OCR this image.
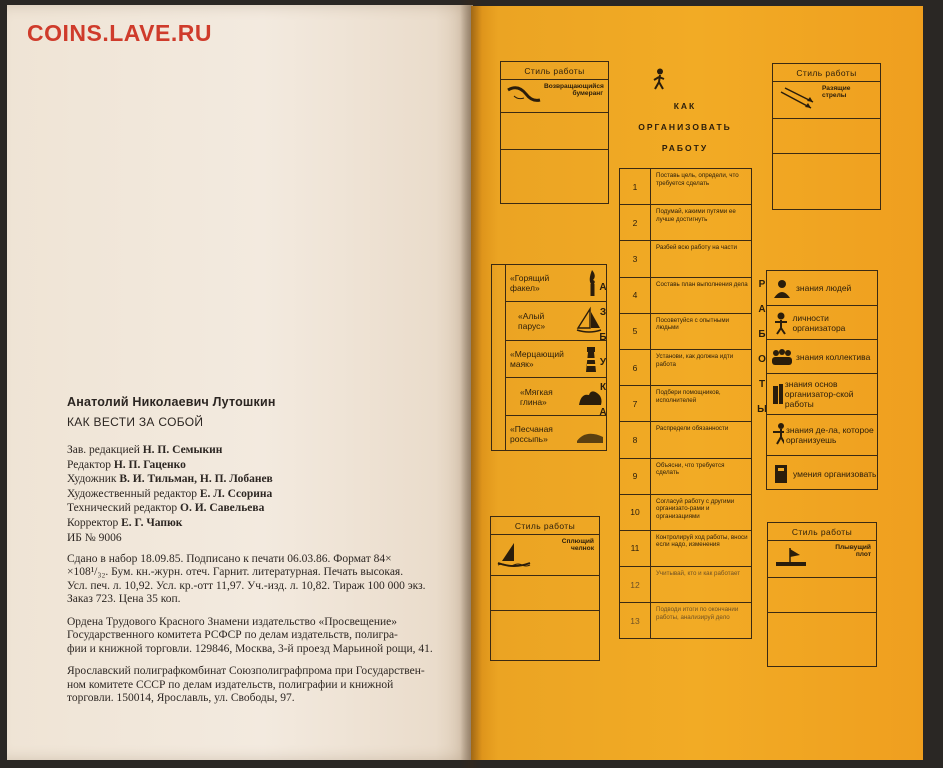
COINS.LAVE.RU
Анатолий Николаевич Лутошкин
КАК ВЕСТИ ЗА СОБОЙ
Зав. редакцией Н. П. Семыкин
Редактор Н. П. Гаценко
Художник В. И. Тильман, Н. П. Лобанев
Художественный редактор Е. Л. Ссорина
Технический редактор О. И. Савельева
Корректор Е. Г. Чапюк
ИБ № 9006
Сдано в набор 18.09.85. Подписано к печати 06.03.86. Формат 84×
×108¹/₃₂. Бум. кн.-журн. отеч. Гарнит. литературная. Печать высокая.
Усл. печ. л. 10,92. Усл. кр.-отт 11,97. Уч.-изд. л. 10,82. Тираж 100 000 экз.
Заказ 723. Цена 35 коп.
Ордена Трудового Красного Знамени издательство «Просвещение»
Государственного комитета РСФСР по делам издательств, полигра-
фии и книжной торговли. 129846, Москва, 3-й проезд Марьиной рощи, 41.
Ярославский полиграфкомбинат Союзполиграфпрома при Государствен-
ном комитете СССР по делам издательств, полиграфии и книжной
торговли. 150014, Ярославль, ул. Свободы, 97.
Стиль работы
Возвращающийся бумеранг
Стиль работы
Разящие стрелы
КАК
ОРГАНИЗОВАТЬ
РАБОТУ
1
Поставь цель, определи, что требуется сделать
2
Подумай, какими путями ее лучше достигнуть
3
Разбей всю работу на части
4
Составь план выполнения дела
5
Посоветуйся с опытными людьми
6
Установи, как должна идти работа
7
Подбери помощников, исполнителей
8
Распредели обязанности
9
Объясни, что требуется сделать
10
Согласуй работу с другими организато-рами и организациями
11
Контролируй ход работы, вноси если надо, изменения
12
Учитывай, кто и как работает
13
Подводи итоги по окончании работы, анализируй дело
А
З
Б
У
К
А
Р
А
Б
О
Т
Ы
«Горящий факел»
«Алый парус»
«Мерцающий маяк»
«Мягкая глина»
«Песчаная россыпь»
знания людей
личности организатора
знания коллектива
знания основ организатор-ской работы
знания де-ла, которое организуешь
умения организовать
Стиль работы
Сплющий челнок
Стиль работы
Плывущий плот
